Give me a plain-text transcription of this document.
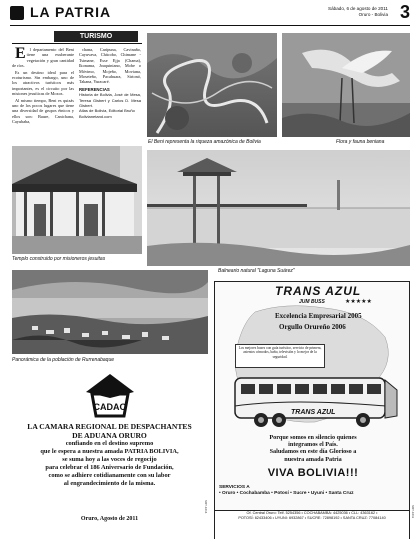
LA PATRIA	Sábado, 6 de agosto de 2011
Oruro - Bolivia 3
TURISMO

El departamento del Beni tiene una exuberante vegetación y gran cantidad de ríos.

Es un destino ideal para el ecoturismo. Sin embargo, uno de los atractivos turísticos más importantes, es el circuito por las misiones jesuíticas de Moxos.

Al mismo tiempo, Beni es quizás uno de los pocos lugares que tiene una diversidad de grupos étnicos y ellos son: Baure, Canichana, Cayubaba,

chana, Carípuna, Cavinaño, Cayuvava, Chácobo, Chimane - Tsimane, Esse Ejja (Chama), Ikonama, Joaquiniano, Mobe o Móvimo, Mojeño, Moviana, Moseteño, Pacahuara, Sirionó, Takana, Yuracaré.

REFERENCIAS
Historia de Bolivia, José de Mesa, Teresa Gisbert y Carlos D. Mesa Gisbert.
Atlas de Bolivia, Editorial Bruño
Bolivianetand.com
El Beni representa la riqueza amazónica de Bolivia	Flora y fauna beniana
Templo construido por misioneros jesuitas
Balneario natural "Laguna Suárez"
Panorámica de la población de Rurrenabaque
CADAO
LA CAMARA REGIONAL DE DESPACHANTES
DE ADUANA ORURO
confiando en el destino supremo
que le espera a nuestra amada PATRIA BOLIVIA,
se suma hoy a las voces de regocijo
para celebrar el 186 Aniversario de Fundación,
como se adhiere cotidianamente con su labor
al engrandecimiento de la misma.
Oruro, Agosto de 2011
SRT-1614
TRANS AZUL
JUM BUSS	★★★★★
Excelencia Empresarial 2005
Orgullo Orureño 2006
Los mejores buses con guía turístico, servicio de primera, asientos cómodos, baño, televisión y lo mejor de la seguridad.
TRANS AZUL
Porque somos en silencio quienes
integramos el País.
Saludamos en este día Glorioso a
nuestra amada Patria
VIVA BOLIVIA!!!
SERVICIOS A
• Oruro • Cochabamba • Potosí • Sucre • Uyuni • Santa Cruz
Of. Central Oruro: Telf. 5254356 • COCHABAMBA: 4425036 • CLL: 4363162 •
POTOSÍ: 62433406 • UYUNI: 6932867 • SUCRE: 72898192 • SANTA CRUZ: 77084140	SRT-1611
